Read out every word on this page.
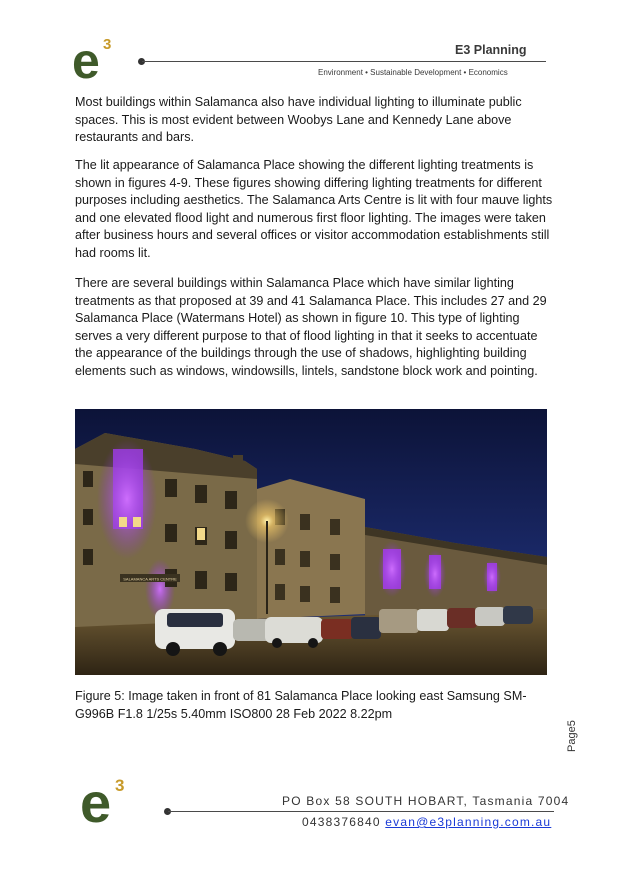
e 3	E3 Planning
Environment • Sustainable Development • Economics

Most buildings within Salamanca also have individual lighting to illuminate public spaces. This is most evident between Woobys Lane and Kennedy Lane above restaurants and bars.

The lit appearance of Salamanca Place showing the different lighting treatments is shown in figures 4-9. These figures showing differing lighting treatments for different purposes including aesthetics. The Salamanca Arts Centre is lit with four mauve lights and one elevated flood light and numerous first floor lighting. The images were taken after business hours and several offices or visitor accommodation establishments still had rooms lit.

There are several buildings within Salamanca Place which have similar lighting treatments as that proposed at 39 and 41 Salamanca Place. This includes 27 and 29 Salamanca Place (Watermans Hotel) as shown in figure 10. This type of lighting serves a very different purpose to that of flood lighting in that it seeks to accentuate the appearance of the buildings through the use of shadows, highlighting building elements such as windows, windowsills, lintels, sandstone block work and pointing.

SALAMANCA ARTS CENTRE

Figure 5: Image taken in front of 81 Salamanca Place looking east Samsung SM-G996B F1.8 1/25s 5.40mm ISO800 28 Feb 2022 8.22pm

Page5
e 3
PO Box 58 SOUTH HOBART, Tasmania 7004
0438376840 evan@e3planning.com.au
